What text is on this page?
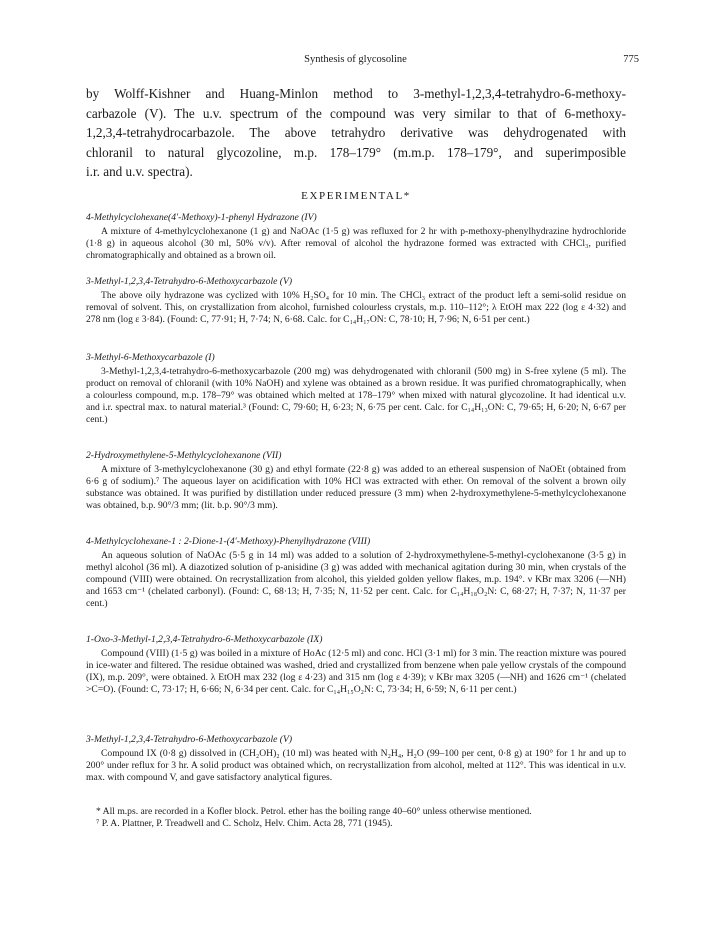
Synthesis of glycosoline	775
by Wolff-Kishner and Huang-Minlon method to 3-methyl-1,2,3,4-tetrahydro-6-methoxy-
carbazole (V). The u.v. spectrum of the compound was very similar to that of 6-methoxy-
1,2,3,4-tetrahydrocarbazole. The above tetrahydro derivative was dehydrogenated with
chloranil to natural glycozoline, m.p. 178–179° (m.m.p. 178–179°, and superimposible
i.r. and u.v. spectra).
EXPERIMENTAL*
4-Methylcyclohexane(4′-Methoxy)-1-phenyl Hydrazone (IV)
A mixture of 4-methylcyclohexanone (1 g) and NaOAc (1·5 g) was refluxed for 2 hr with p-methoxy-phenylhydrazine hydrochloride (1·8 g) in aqueous alcohol (30 ml, 50% v/v). After removal of alcohol the hydrazone formed was extracted with CHCl₃, purified chromatographically and obtained as a brown oil.
3-Methyl-1,2,3,4-Tetrahydro-6-Methoxycarbazole (V)
The above oily hydrazone was cyclized with 10% H₂SO₄ for 10 min. The CHCl₃ extract of the product left a semi-solid residue on removal of solvent. This, on crystallization from alcohol, furnished colourless crystals, m.p. 110–112°; λ EtOH max 222 (log ε 4·32) and 278 nm (log ε 3·84). (Found: C, 77·91; H, 7·74; N, 6·68. Calc. for C₁₄H₁₇ON: C, 78·10; H, 7·96; N, 6·51 per cent.)
3-Methyl-6-Methoxycarbazole (I)
3-Methyl-1,2,3,4-tetrahydro-6-methoxycarbazole (200 mg) was dehydrogenated with chloranil (500 mg) in S-free xylene (5 ml). The product on removal of chloranil (with 10% NaOH) and xylene was obtained as a brown residue. It was purified chromatographically, when a colourless compound, m.p. 178–79° was obtained which melted at 178–179° when mixed with natural glycozoline. It had identical u.v. and i.r. spectral max. to natural material.³ (Found: C, 79·60; H, 6·23; N, 6·75 per cent. Calc. for C₁₄H₁₃ON: C, 79·65; H, 6·20; N, 6·67 per cent.)
2-Hydroxymethylene-5-Methylcyclohexanone (VII)
A mixture of 3-methylcyclohexanone (30 g) and ethyl formate (22·8 g) was added to an ethereal suspension of NaOEt (obtained from 6·6 g of sodium).⁷ The aqueous layer on acidification with 10% HCl was extracted with ether. On removal of the solvent a brown oily substance was obtained. It was purified by distillation under reduced pressure (3 mm) when 2-hydroxymethylene-5-methylcyclohexanone was obtained, b.p. 90°/3 mm; (lit. b.p. 90°/3 mm).
4-Methylcyclohexane-1 : 2-Dione-1-(4′-Methoxy)-Phenylhydrazone (VIII)
An aqueous solution of NaOAc (5·5 g in 14 ml) was added to a solution of 2-hydroxymethylene-5-methyl-cyclohexanone (3·5 g) in methyl alcohol (36 ml). A diazotized solution of p-anisidine (3 g) was added with mechanical agitation during 30 min, when crystals of the compound (VIII) were obtained. On recrystallization from alcohol, this yielded golden yellow flakes, m.p. 194°. ν KBr max 3206 (—NH) and 1653 cm⁻¹ (chelated carbonyl). (Found: C, 68·13; H, 7·35; N, 11·52 per cent. Calc. for C₁₄H₁₈O₂N: C, 68·27; H, 7·37; N, 11·37 per cent.)
1-Oxo-3-Methyl-1,2,3,4-Tetrahydro-6-Methoxycarbazole (IX)
Compound (VIII) (1·5 g) was boiled in a mixture of HoAc (12·5 ml) and conc. HCl (3·1 ml) for 3 min. The reaction mixture was poured in ice-water and filtered. The residue obtained was washed, dried and crystallized from benzene when pale yellow crystals of the compound (IX), m.p. 209°, were obtained. λ EtOH max 232 (log ε 4·23) and 315 nm (log ε 4·39); ν KBr max 3205 (—NH) and 1626 cm⁻¹ (chelated >C=O). (Found: C, 73·17; H, 6·66; N, 6·34 per cent. Calc. for C₁₄H₁₅O₂N: C, 73·34; H, 6·59; N, 6·11 per cent.)
3-Methyl-1,2,3,4-Tetrahydro-6-Methoxycarbazole (V)
Compound IX (0·8 g) dissolved in (CH₂OH)₂ (10 ml) was heated with N₂H₄, H₂O (99–100 per cent, 0·8 g) at 190° for 1 hr and up to 200° under reflux for 3 hr. A solid product was obtained which, on recrystallization from alcohol, melted at 112°. This was identical in u.v. max. with compound V, and gave satisfactory analytical figures.
* All m.ps. are recorded in a Kofler block. Petrol. ether has the boiling range 40–60° unless otherwise mentioned.
⁷ P. A. Plattner, P. Treadwell and C. Scholz, Helv. Chim. Acta 28, 771 (1945).
